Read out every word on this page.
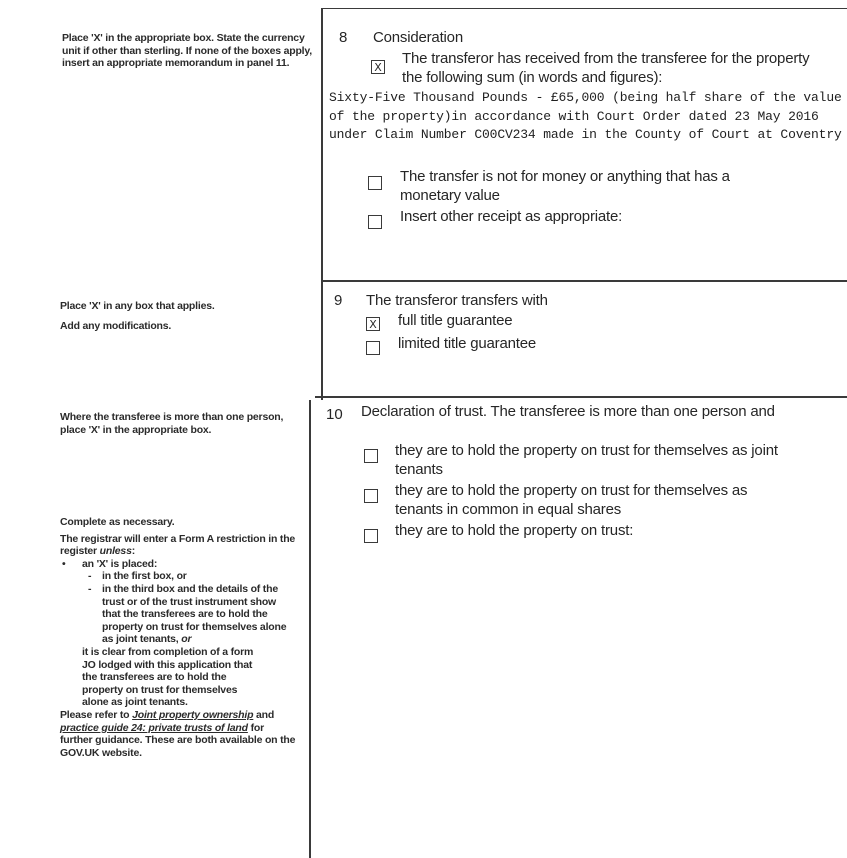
Place 'X' in the appropriate box. State the currency unit if other than sterling. If none of the boxes apply, insert an appropriate memorandum in panel 11.

Place 'X' in any box that applies.

Add any modifications.

Where the transferee is more than one person, place 'X' in the appropriate box.

Complete as necessary.

The registrar will enter a Form A restriction in the register unless:

• an 'X' is placed:

- in the first box, or

- in the third box and the details of the trust or of the trust instrument show that the transferees are to hold the property on trust for themselves alone as joint tenants, or

it is clear from completion of a form JO lodged with this application that the transferees are to hold the property on trust for themselves alone as joint tenants.

Please refer to Joint property ownership and practice guide 24: private trusts of land for further guidance. These are both available on the GOV.UK website.

8 Consideration
X The transferor has received from the transferee for the property the following sum (in words and figures):
Sixty-Five Thousand Pounds - £65,000 (being half share of the value of the property)in accordance with Court Order dated 23 May 2016 under Claim Number C00CV234 made in the County of Court at Coventry
The transfer is not for money or anything that has a monetary value
Insert other receipt as appropriate:
9 The transferor transfers with
X full title guarantee
limited title guarantee
10 Declaration of trust. The transferee is more than one person and
they are to hold the property on trust for themselves as joint tenants
they are to hold the property on trust for themselves as tenants in common in equal shares
they are to hold the property on trust:
